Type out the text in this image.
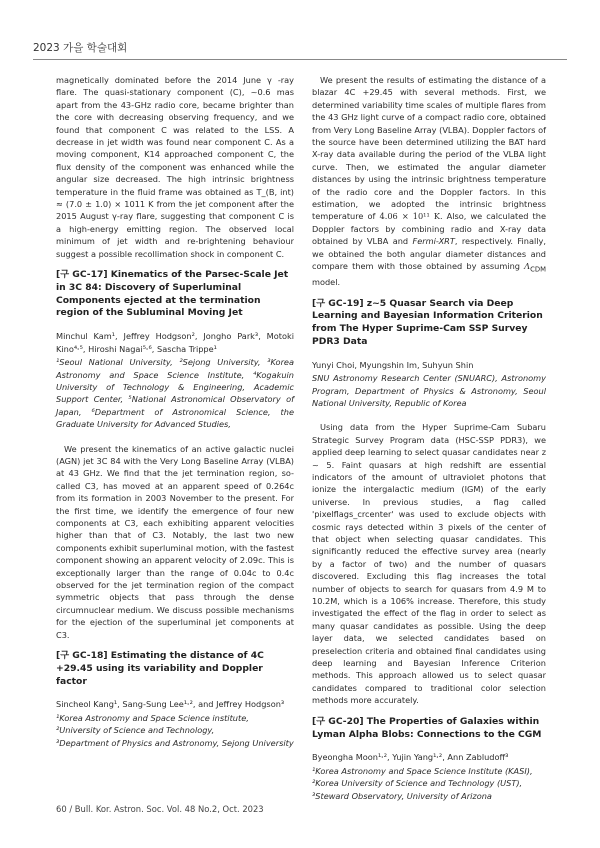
2023 가을 학술대회

magnetically dominated before the 2014 June γ -ray flare. The quasi-stationary component (C), ~0.6 mas apart from the 43-GHz radio core, became brighter than the core with decreasing observing frequency, and we found that component C was related to the LSS. A decrease in jet width was found near component C. As a moving component, K14 approached component C, the flux density of the component was enhanced while the angular size decreased. The high intrinsic brightness temperature in the fluid frame was obtained as T_(B, int) ≈ (7.0 ± 1.0) × 1011 K from the jet component after the 2015 August γ-ray flare, suggesting that component C is a high-energy emitting region. The observed local minimum of jet width and re-brightening behaviour suggest a possible recollimation shock in component C.

[구 GC-17] Kinematics of the Parsec-Scale Jet in 3C 84: Discovery of Superluminal Components ejected at the termination region of the Subluminal Moving Jet

Minchul Kam¹, Jeffrey Hodgson², Jongho Park³, Motoki Kino⁴˒⁵, Hiroshi Nagai⁵˒⁶, Sascha Trippe¹

¹Seoul National University, ²Sejong University, ³Korea Astronomy and Space Science Institute, ⁴Kogakuin University of Technology & Engineering, Academic Support Center, ⁵National Astronomical Observatory of Japan, ⁶Department of Astronomical Science, the Graduate University for Advanced Studies,

We present the kinematics of an active galactic nuclei (AGN) jet 3C 84 with the Very Long Baseline Array (VLBA) at 43 GHz. We find that the jet termination region, so-called C3, has moved at an apparent speed of 0.264c from its formation in 2003 November to the present. For the first time, we identify the emergence of four new components at C3, each exhibiting apparent velocities higher than that of C3. Notably, the last two new components exhibit superluminal motion, with the fastest component showing an apparent velocity of 2.09c. This is exceptionally larger than the range of 0.04c to 0.4c observed for the jet termination region of the compact symmetric objects that pass through the dense circumnuclear medium. We discuss possible mechanisms for the ejection of the superluminal jet components at C3.

[구 GC-18] Estimating the distance of 4C +29.45 using its variability and Doppler factor

Sincheol Kang¹, Sang-Sung Lee¹˒², and Jeffrey Hodgson³

¹Korea Astronomy and Space Science institute,
²University of Science and Technology,
³Department of Physics and Astronomy, Sejong University

We present the results of estimating the distance of a blazar 4C +29.45 with several methods. First, we determined variability time scales of multiple flares from the 43 GHz light curve of a compact radio core, obtained from Very Long Baseline Array (VLBA). Doppler factors of the source have been determined utilizing the BAT hard X-ray data available during the period of the VLBA light curve. Then, we estimated the angular diameter distances by using the intrinsic brightness temperature of the radio core and the Doppler factors. In this estimation, we adopted the intrinsic brightness temperature of 4.06 × 10¹¹ K. Also, we calculated the Doppler factors by combining radio and X-ray data obtained by VLBA and Fermi-XRT, respectively. Finally, we obtained the both angular diameter distances and compare them with those obtained by assuming $\Lambda_{CDM}$ model.

[구 GC-19] z~5 Quasar Search via Deep Learning and Bayesian Information Criterion from The Hyper Suprime-Cam SSP Survey PDR3 Data

Yunyi Choi, Myungshin Im, Suhyun Shin

SNU Astronomy Research Center (SNUARC), Astronomy Program, Department of Physics & Astronomy, Seoul National University, Republic of Korea

Using data from the Hyper Suprime-Cam Subaru Strategic Survey Program data (HSC-SSP PDR3), we applied deep learning to select quasar candidates near z ~ 5. Faint quasars at high redshift are essential indicators of the amount of ultraviolet photons that ionize the intergalactic medium (IGM) of the early universe. In previous studies, a flag called 'pixelflags_crcenter' was used to exclude objects with cosmic rays detected within 3 pixels of the center of that object when selecting quasar candidates. This significantly reduced the effective survey area (nearly by a factor of two) and the number of quasars discovered. Excluding this flag increases the total number of objects to search for quasars from 4.9 M to 10.2M, which is a 106% increase. Therefore, this study investigated the effect of the flag in order to select as many quasar candidates as possible. Using the deep layer data, we selected candidates based on preselection criteria and obtained final candidates using deep learning and Bayesian Inference Criterion methods. This approach allowed us to select quasar candidates compared to traditional color selection methods more accurately.

[구 GC-20] The Properties of Galaxies within Lyman Alpha Blobs: Connections to the CGM

Byeongha Moon¹˒², Yujin Yang¹˒², Ann Zabludoff³

¹Korea Astronomy and Space Science Institute (KASI),
²Korea University of Science and Technology (UST),
³Steward Observatory, University of Arizona

60 / Bull. Kor. Astron. Soc. Vol. 48 No.2, Oct. 2023
